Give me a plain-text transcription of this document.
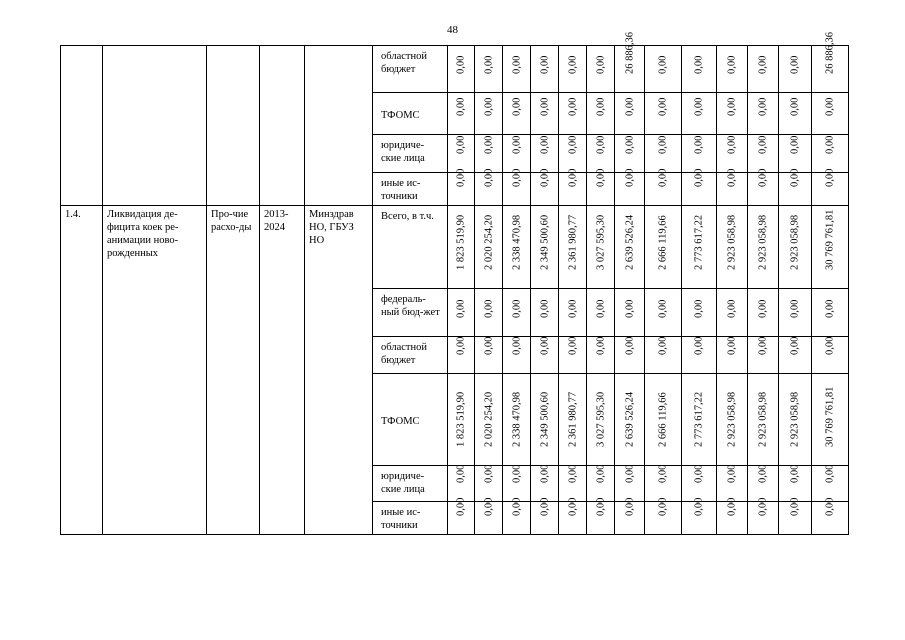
48
					областной бюджет	0,00	0,00	0,00	0,00	0,00	0,00	26 886,36	0,00	0,00	0,00	0,00	0,00	26 886,36

					ТФОМС	0,00	0,00	0,00	0,00	0,00	0,00	0,00	0,00	0,00	0,00	0,00	0,00	0,00

					юридиче-ские лица	0,00	0,00	0,00	0,00	0,00	0,00	0,00	0,00	0,00	0,00	0,00	0,00	0,00

					иные ис-точники	0,00	0,00	0,00	0,00	0,00	0,00	0,00	0,00	0,00	0,00	0,00	0,00	0,00

1.4.	Ликвидация де-фицита коек ре-анимации ново-рожденных	Про-чие расхо-ды	2013-2024	Минздрав НО, ГБУЗ НО	Всего, в т.ч.	1 823 519,90	2 020 254,20	2 338 470,98	2 349 500,60	2 361 980,77	3 027 595,30	2 639 526,24	2 666 119,66	2 773 617,22	2 923 058,98	2 923 058,98	2 923 058,98	30 769 761,81

					федераль-ный бюд-жет	0,00	0,00	0,00	0,00	0,00	0,00	0,00	0,00	0,00	0,00	0,00	0,00	0,00

					областной бюджет	0,00	0,00	0,00	0,00	0,00	0,00	0,00	0,00	0,00	0,00	0,00	0,00	0,00

					ТФОМС	1 823 519,90	2 020 254,20	2 338 470,98	2 349 500,60	2 361 980,77	3 027 595,30	2 639 526,24	2 666 119,66	2 773 617,22	2 923 058,98	2 923 058,98	2 923 058,98	30 769 761,81

					юридиче-ские лица	0,00	0,00	0,00	0,00	0,00	0,00	0,00	0,00	0,00	0,00	0,00	0,00	0,00

					иные ис-точники	0,00	0,00	0,00	0,00	0,00	0,00	0,00	0,00	0,00	0,00	0,00	0,00	0,00
